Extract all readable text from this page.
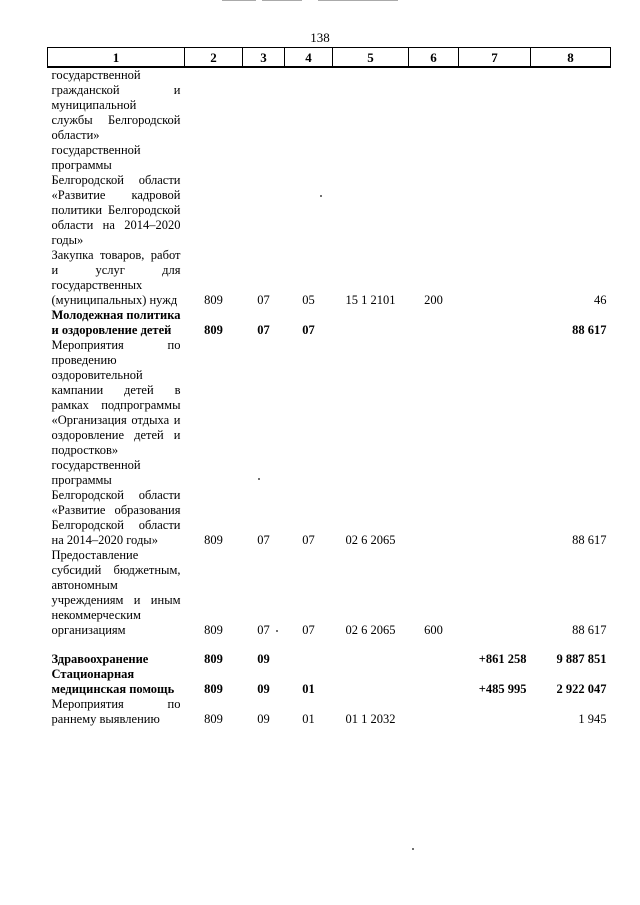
138
1	2	3	4	5	6	7	8
государственной гражданской и муниципальной службы Белгородской области» государственной программы Белгородской области «Развитие кадровой политики Белгородской области на 2014–2020 годы»							
Закупка товаров, работ и услуг для государственных (муниципальных) нужд	809	07	05	15 1 2101	200		46
Молодежная политика и оздоровление детей	809	07	07				88 617
Мероприятия по проведению оздоровительной кампании детей в рамках подпрограммы «Организация отдыха и оздоровление детей и подростков» государственной программы Белгородской области «Развитие образования Белгородской области на 2014–2020 годы»	809	07	07	02 6 2065			88 617
Предоставление субсидий бюджетным, автономным учреждениям и иным некоммерческим организациям	809	07	07	02 6 2065	600		88 617

Здравоохранение	809	09				+861 258	9 887 851
Стационарная медицинская помощь	809	09	01			+485 995	2 922 047
Мероприятия по раннему выявлению	809	09	01	01 1 2032			1 945
